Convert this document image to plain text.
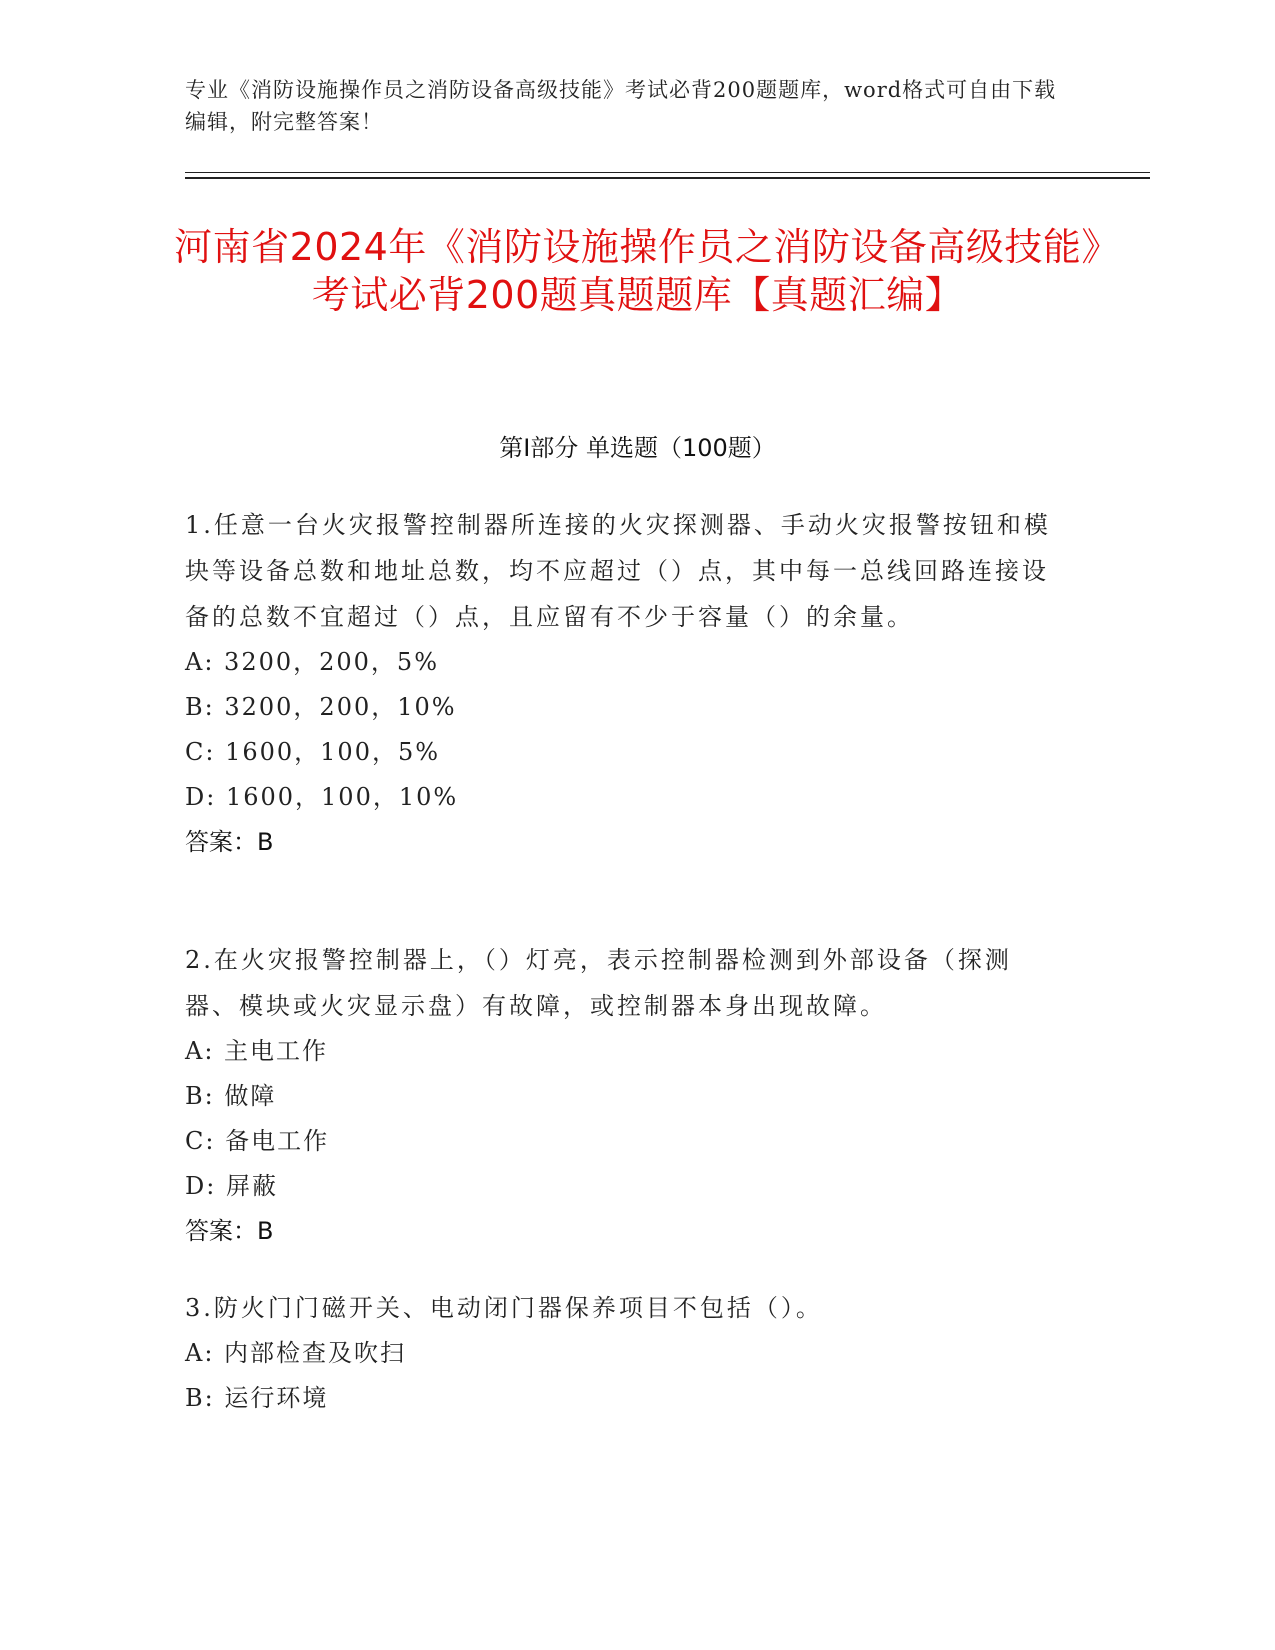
专业《消防设施操作员之消防设备高级技能》考试必背200题题库，word格式可自由下载编辑，附完整答案！
河南省2024年《消防设施操作员之消防设备高级技能》考试必背200题真题题库【真题汇编】
第I部分 单选题（100题）
1.任意一台火灾报警控制器所连接的火灾探测器、手动火灾报警按钮和模块等设备总数和地址总数，均不应超过（）点，其中每一总线回路连接设备的总数不宜超过（）点，且应留有不少于容量（）的余量。
A: 3200，200，5%
B: 3200，200，10%
C: 1600，100，5%
D: 1600，100，10%
答案：B
2.在火灾报警控制器上，（）灯亮，表示控制器检测到外部设备（探测器、模块或火灾显示盘）有故障，或控制器本身出现故障。
A: 主电工作
B: 做障
C: 备电工作
D: 屏蔽
答案：B
3.防火门门磁开关、电动闭门器保养项目不包括（）。
A: 内部检查及吹扫
B: 运行环境
